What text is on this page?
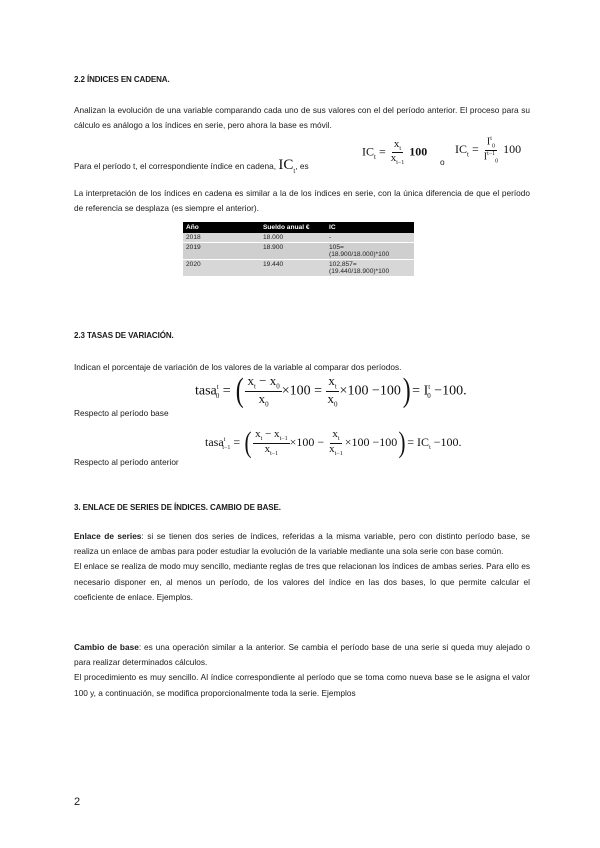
2.2 ÍNDICES EN CADENA.

Analizan la evolución de una variable comparando cada uno de sus valores con el del período anterior. El proceso para su cálculo es análogo a los índices en serie, pero ahora la base es móvil.

Para el período t, el correspondiente índice en cadena, $IC_t$, es
$IC_t = \frac{x_t}{x_{t-1}} 100$
o
$IC_t = \frac{I^t_0}{I^{t-1}_0} 100$

La interpretación de los índices en cadena es similar a la de los índices en serie, con la única diferencia de que el período de referencia se desplaza (es siempre el anterior).

Año	Sueldo anual €	IC
2018	18.000	-

2019	18.900	105=
(18.900/18.000)*100
2020	19.440	102,857=
(19.440/18.900)*100
2.3 TASAS DE VARIACIÓN.
Indican el porcentaje de variación de los valores de la variable al comparar dos períodos.
tasa$^t_0$ = ( $\frac{x_t - x_0}{x_0} \times 100 = \frac{x_t}{x_0} \times 100 -100) = I^t_0 -100$.
Respecto al período base
tasa$^t_{t-1}$ = ( $\frac{x_t - x_{t-1}}{x_{t-1}} \times 100 - \frac{x_t}{x_{t-1}} \times 100 -100) = IC_t -100$.
Respecto al período anterior
3. ENLACE DE SERIES DE ÍNDICES. CAMBIO DE BASE.

Enlace de series: si se tienen dos series de índices, referidas a la misma variable, pero con distinto período base, se realiza un enlace de ambas para poder estudiar la evolución de la variable mediante una sola serie con base común.

El enlace se realiza de modo muy sencillo, mediante reglas de tres que relacionan los índices de ambas series. Para ello es necesario disponer en, al menos un período, de los valores del índice en las dos bases, lo que permite calcular el coeficiente de enlace. Ejemplos.

Cambio de base: es una operación similar a la anterior. Se cambia el período base de una serie si queda muy alejado o para realizar determinados cálculos.

El procedimiento es muy sencillo. Al índice correspondiente al período que se toma como nueva base se le asigna el valor 100 y, a continuación, se modifica proporcionalmente toda la serie. Ejemplos

2
